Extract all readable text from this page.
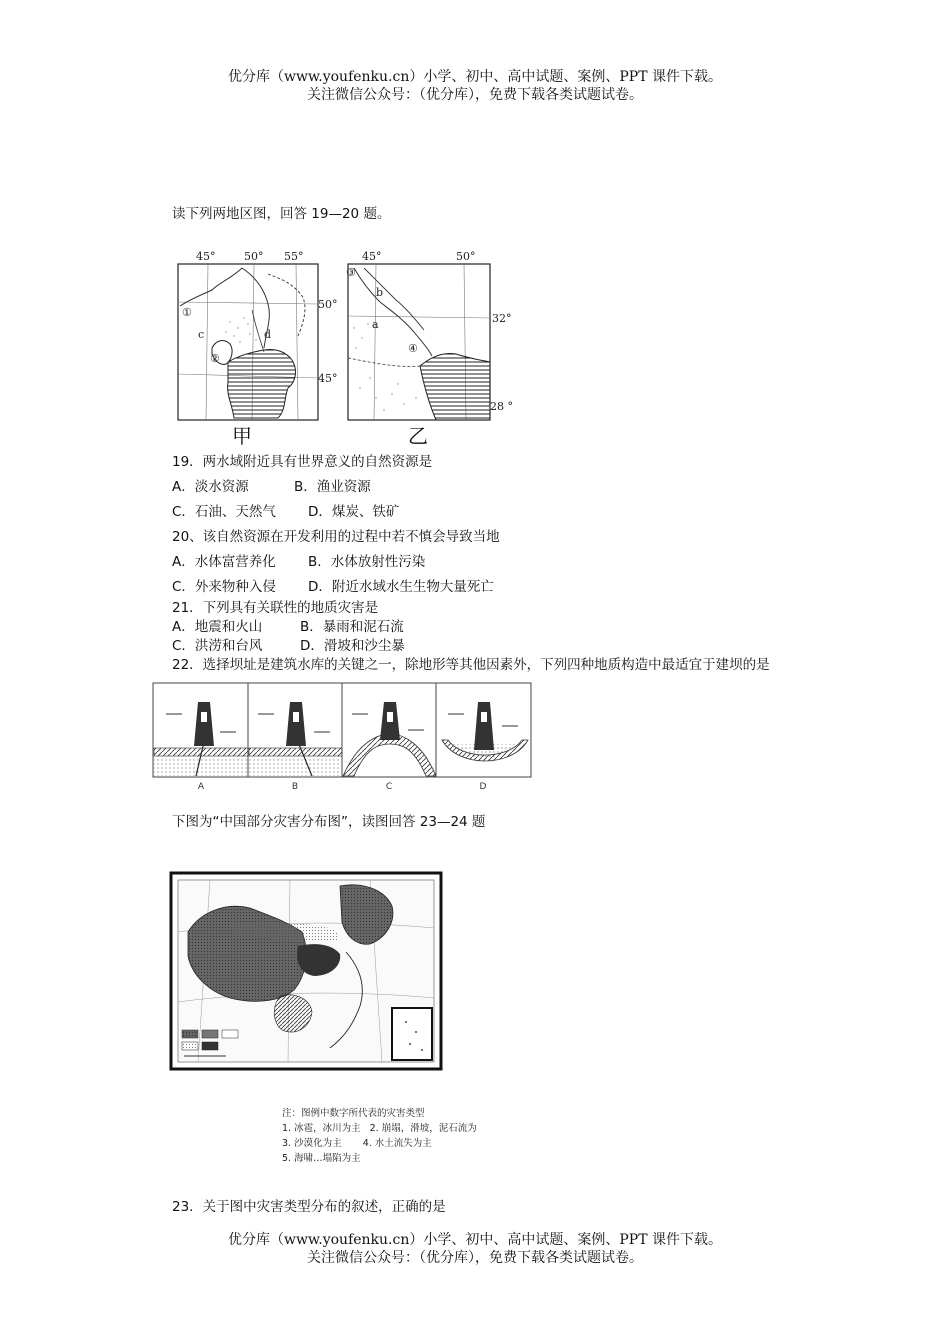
优分库（www.youfenku.cn）小学、初中、高中试题、案例、PPT 课件下载。
关注微信公众号：（优分库），免费下载各类试题试卷。
读下列两地区图，回答 19—20 题。
45°	50° 55°
50°
45°
①
②
c	d
甲
45°	50°
32°
28 °
③
④
a
b
乙
19．两水域附近具有世界意义的自然资源是
A．淡水资源	B．渔业资源
C．石油、天然气 D．煤炭、铁矿
20、该自然资源在开发利用的过程中若不慎会导致当地
A．水体富营养化 B．水体放射性污染
C．外来物种入侵 D．附近水域水生生物大量死亡
21．下列具有关联性的地质灾害是
A．地震和火山	B．暴雨和泥石流
C．洪涝和台风	D．滑坡和沙尘暴
22．选择坝址是建筑水库的关键之一，除地形等其他因素外，下列四种地质构造中最适宜于建坝的是
A	B	C	D
下图为“中国部分灾害分布图”，读图回答 23—24 题
注：图例中数字所代表的灾害类型
1. 冰雹，冰川为主   2. 崩塌，滑坡，泥石流为
3. 沙漠化为主       4. 水土流失为主
5. 海啸…塌陷为主
23．关于图中灾害类型分布的叙述，正确的是
优分库（www.youfenku.cn）小学、初中、高中试题、案例、PPT 课件下载。
关注微信公众号：（优分库），免费下载各类试题试卷。
